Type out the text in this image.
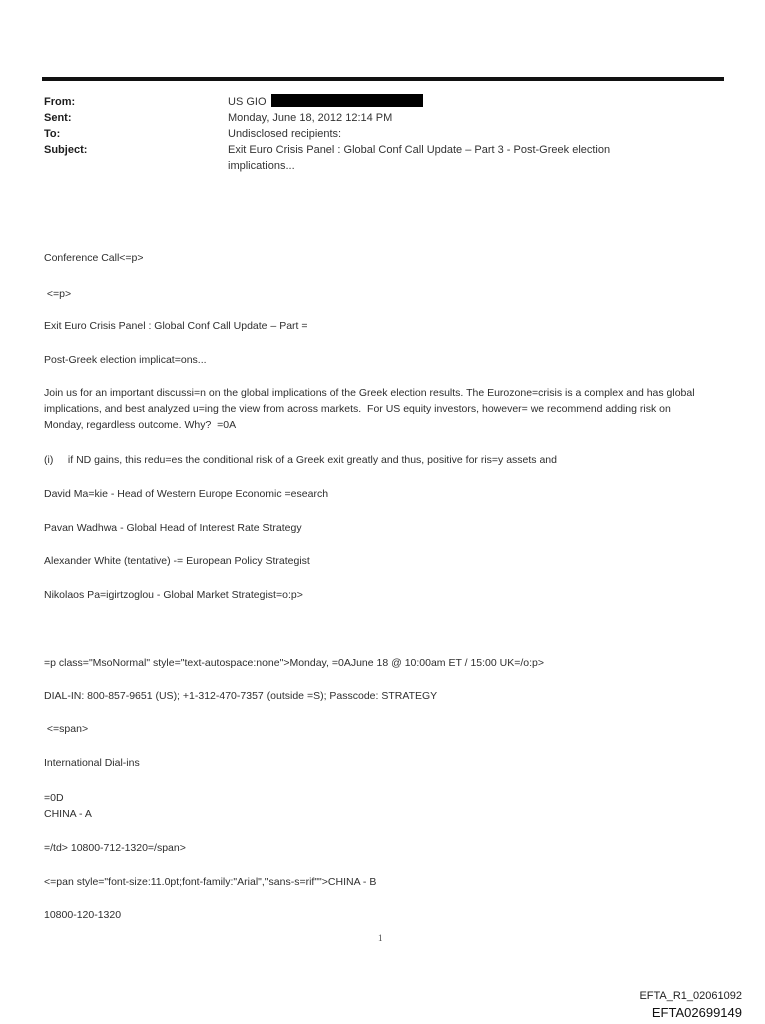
From:	US GIO
Sent:	Monday, June 18, 2012 12:14 PM
To:	Undisclosed recipients:
Subject:	Exit Euro Crisis Panel : Global Conf Call Update – Part 3 - Post-Greek election implications...

Conference Call<=p>

<=p>

Exit Euro Crisis Panel : Global Conf Call Update – Part =

Post-Greek election implicat=ons...

Join us for an important discussi=n on the global implications of the Greek election results. The Eurozone=crisis is a complex and has global implications, and best analyzed u=ing the view from across markets.  For US equity investors, however= we recommend adding risk on Monday, regardless outcome. Why?  =0A

(i)     if ND gains, this redu=es the conditional risk of a Greek exit greatly and thus, positive for ris=y assets and

David Ma=kie - Head of Western Europe Economic =esearch

Pavan Wadhwa - Global Head of Interest Rate Strategy

Alexander White (tentative) -= European Policy Strategist

Nikolaos Pa=igirtzoglou - Global Market Strategist=o:p>

=p class="MsoNormal" style="text-autospace:none">Monday, =0AJune 18 @ 10:00am ET / 15:00 UK=/o:p>

DIAL-IN: 800-857-9651 (US); +1-312-470-7357 (outside =S); Passcode: STRATEGY

<=span>

International Dial-ins

=0D

CHINA - A

=/td> 10800-712-1320=/span>

<=pan style="font-size:11.0pt;font-family:"Arial","sans-s=rif"">CHINA - B

10800-120-1320

1
EFTA_R1_02061092
EFTA02699149
